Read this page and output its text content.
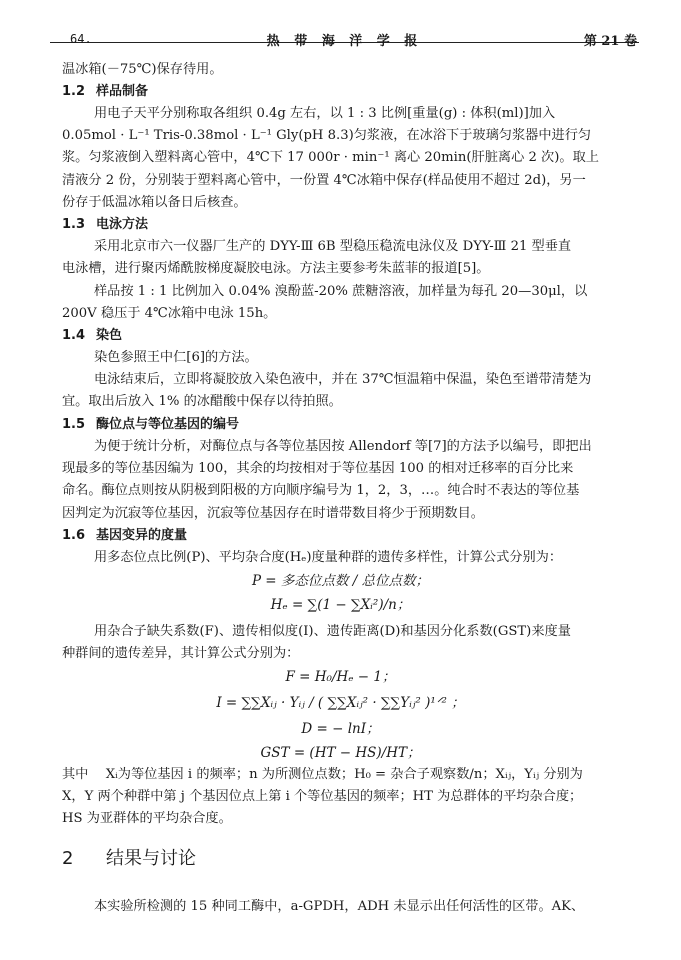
64.	热 带 海 洋 学 报	第 21 卷
温冰箱(－75℃)保存待用。
1.2 样品制备
用电子天平分别称取各组织 0.4g 左右，以 1 : 3 比例[重量(g) : 体积(ml)]加入
0.05mol · L⁻¹ Tris-0.38mol · L⁻¹ Gly(pH 8.3)匀浆液，在冰浴下于玻璃匀浆器中进行匀
浆。匀浆液倒入塑料离心管中，4℃下 17 000r · min⁻¹ 离心 20min(肝脏离心 2 次)。取上
清液分 2 份，分别装于塑料离心管中，一份置 4℃冰箱中保存(样品使用不超过 2d)，另一
份存于低温冰箱以备日后核查。
1.3 电泳方法
采用北京市六一仪器厂生产的 DYY-Ⅲ 6B 型稳压稳流电泳仪及 DYY-Ⅲ 21 型垂直
电泳槽，进行聚丙烯酰胺梯度凝胶电泳。方法主要参考朱蓝菲的报道[5]。
样品按 1 : 1 比例加入 0.04% 溴酚蓝-20% 蔗糖溶液，加样量为每孔 20—30μl，以
200V 稳压于 4℃冰箱中电泳 15h。
1.4 染色
染色参照王中仁[6]的方法。
电泳结束后，立即将凝胶放入染色液中，并在 37℃恒温箱中保温，染色至谱带清楚为
宜。取出后放入 1% 的冰醋酸中保存以待拍照。
1.5 酶位点与等位基因的编号
为便于统计分析，对酶位点与各等位基因按 Allendorf 等[7]的方法予以编号，即把出
现最多的等位基因编为 100，其余的均按相对于等位基因 100 的相对迁移率的百分比来
命名。酶位点则按从阴极到阳极的方向顺序编号为 1，2，3，…。纯合时不表达的等位基
因判定为沉寂等位基因，沉寂等位基因存在时谱带数目将少于预期数目。
1.6 基因变异的度量
用多态位点比例(P)、平均杂合度(Hₑ)度量种群的遗传多样性，计算公式分别为：
P = 多态位点数 / 总位点数；
Hₑ = ∑(1 − ∑Xᵢ²)/n；
用杂合子缺失系数(F)、遗传相似度(I)、遗传距离(D)和基因分化系数(GST)来度量
种群间的遗传差异，其计算公式分别为：
F = H₀/Hₑ − 1；
I = ∑∑Xᵢⱼ · Yᵢⱼ / ( ∑∑Xᵢⱼ² · ∑∑Yᵢⱼ² )¹ᐟ² ；
D = − lnI；
GST = (HT − HS)/HT；
其中　 Xᵢ为等位基因 i 的频率；n 为所测位点数；H₀ = 杂合子观察数/n；Xᵢⱼ，Yᵢⱼ 分别为
X，Y 两个种群中第 j 个基因位点上第 i 个等位基因的频率；HT 为总群体的平均杂合度；
HS 为亚群体的平均杂合度。
2 结果与讨论
本实验所检测的 15 种同工酶中，a-GPDH，ADH 未显示出任何活性的区带。AK、
